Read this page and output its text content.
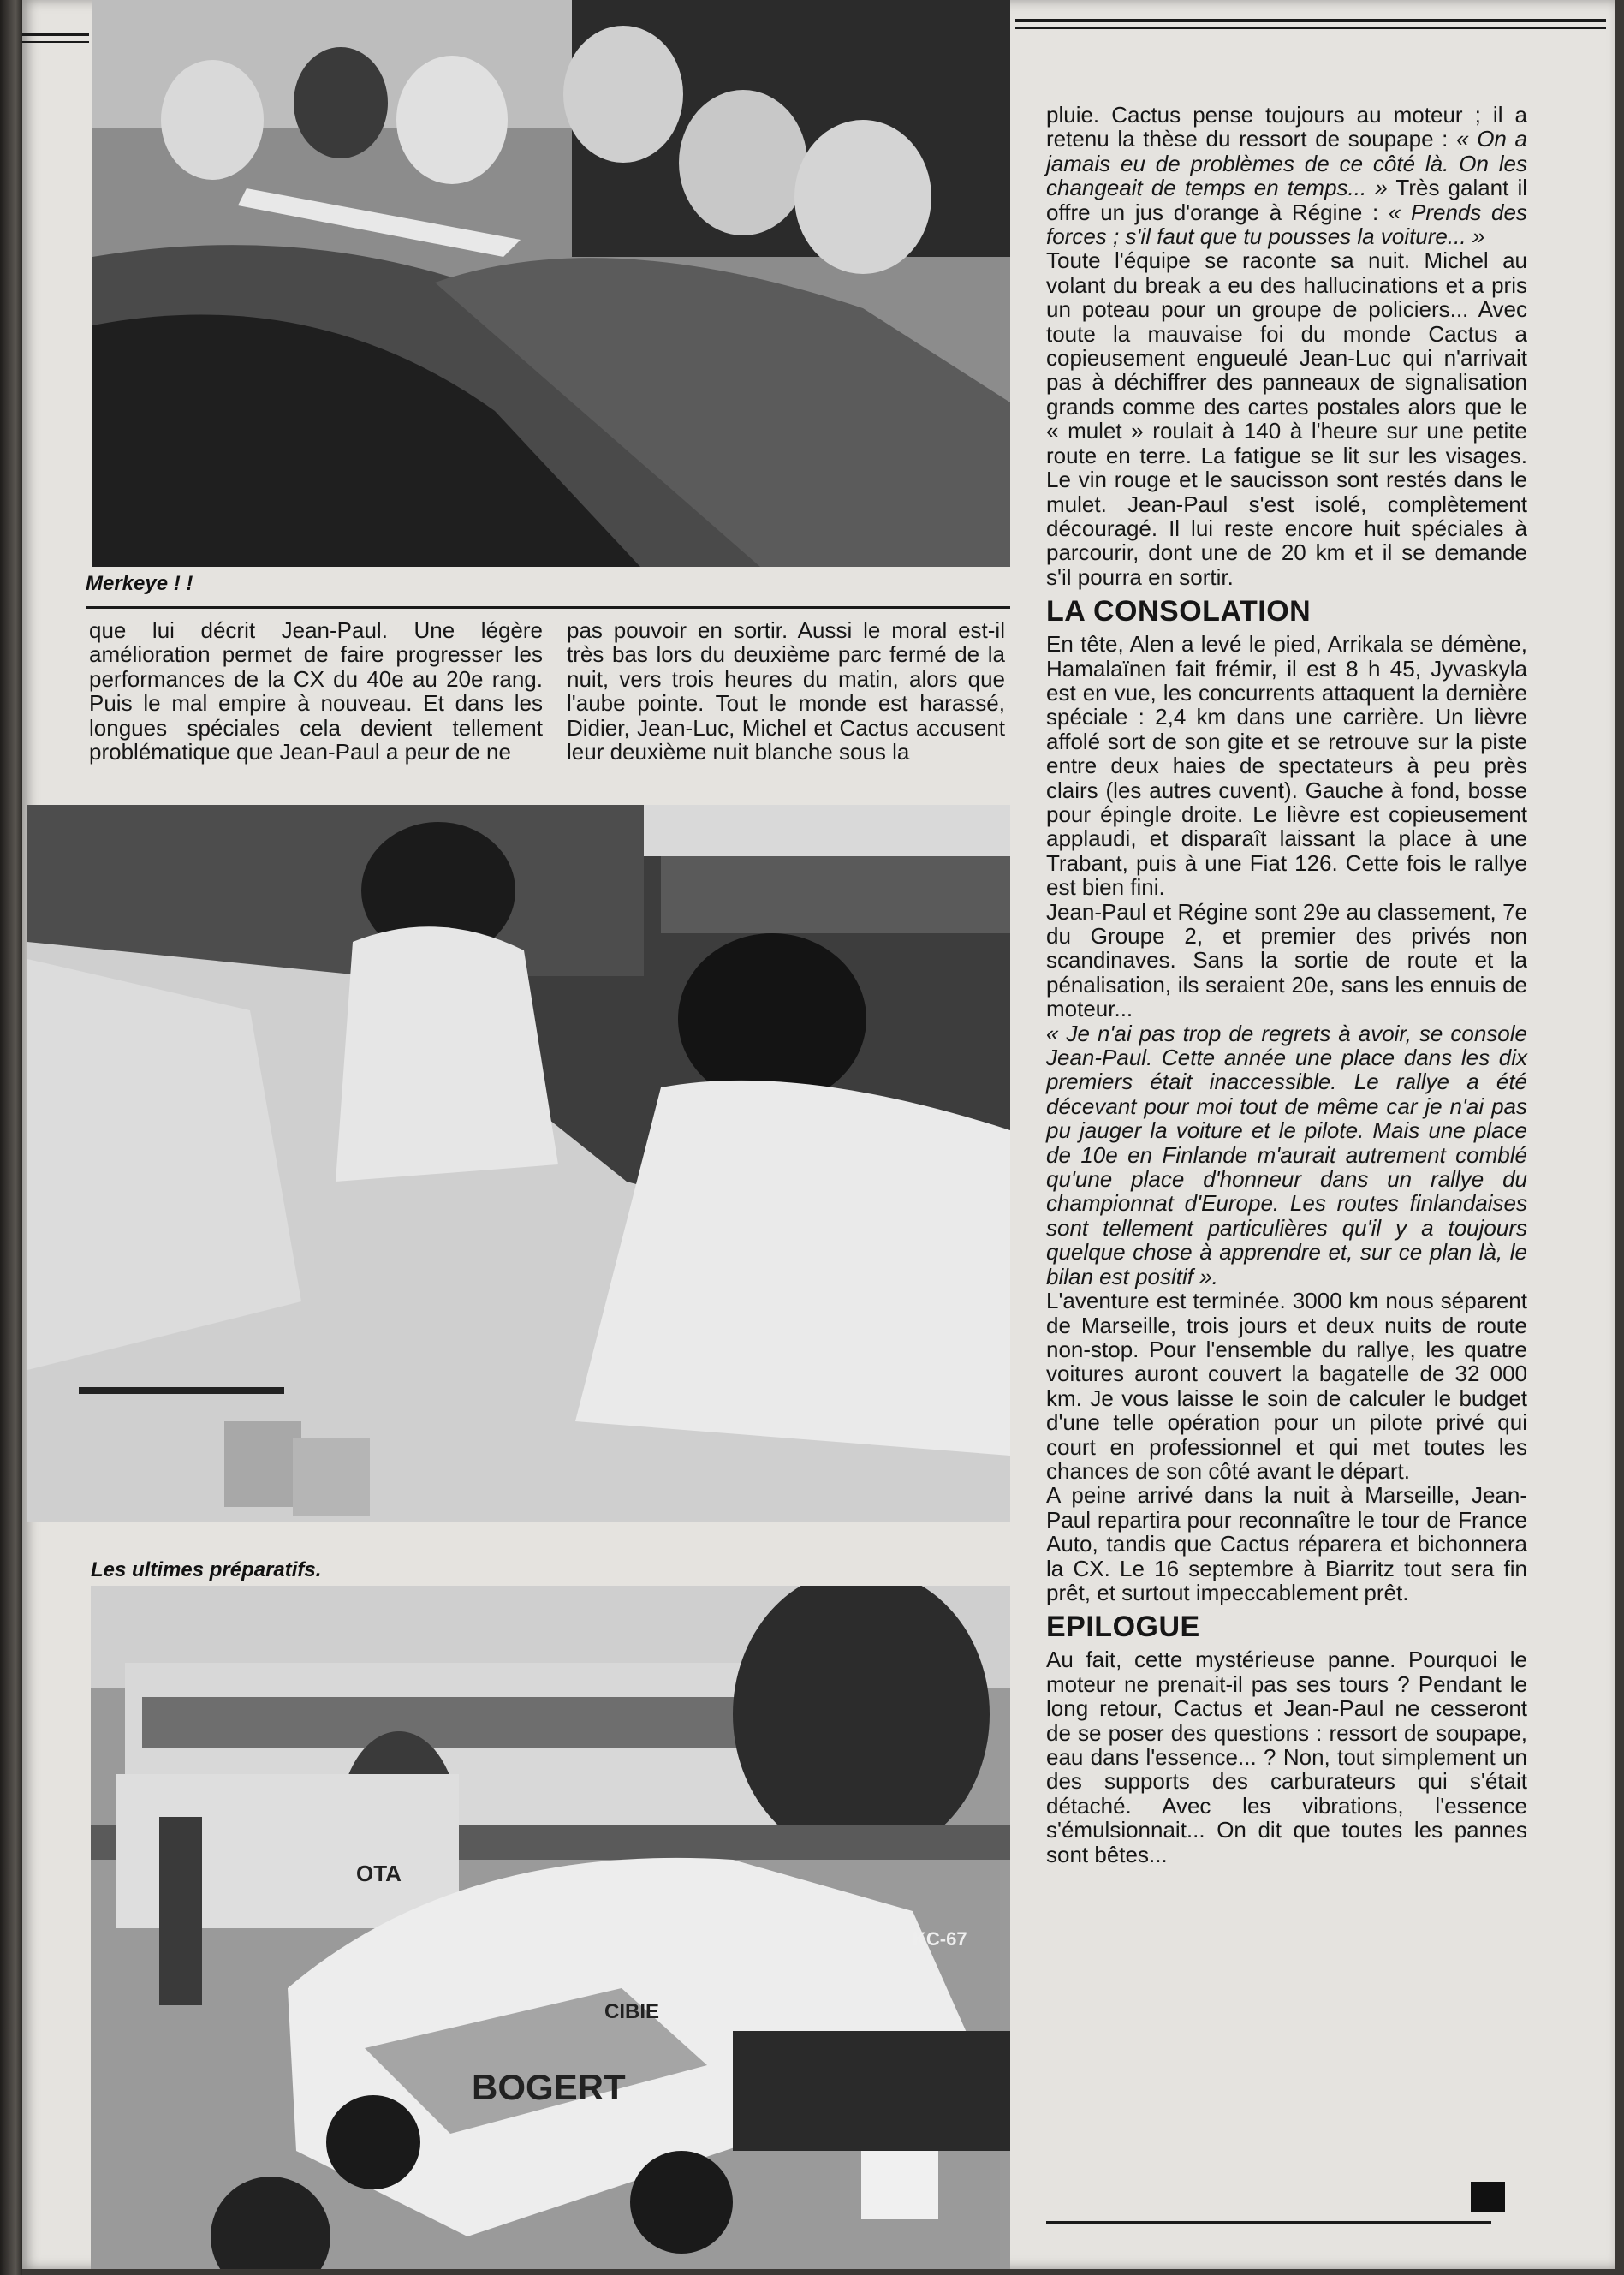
Merkeye ! !

que lui décrit Jean-Paul. Une légère amélioration permet de faire progresser les performances de la CX du 40e au 20e rang. Puis le mal empire à nouveau. Et dans les longues spéciales cela devient tellement problématique que Jean-Paul a peur de ne

pas pouvoir en sortir. Aussi le moral est-il très bas lors du deuxième parc fermé de la nuit, vers trois heures du matin, alors que l'aube pointe. Tout le monde est harassé, Didier, Jean-Luc, Michel et Cactus accusent leur deuxième nuit blanche sous la

Les ultimes préparatifs.
BOGERT
CIBIE
KC-67
OTA

pluie. Cactus pense toujours au moteur ; il a retenu la thèse du ressort de soupape : « On a jamais eu de problèmes de ce côté là. On les changeait de temps en temps... » Très galant il offre un jus d'orange à Régine : « Prends des forces ; s'il faut que tu pousses la voiture... »

Toute l'équipe se raconte sa nuit. Michel au volant du break a eu des hallucinations et a pris un poteau pour un groupe de policiers... Avec toute la mauvaise foi du monde Cactus a copieusement engueulé Jean-Luc qui n'arrivait pas à déchiffrer des panneaux de signalisation grands comme des cartes postales alors que le « mulet » roulait à 140 à l'heure sur une petite route en terre. La fatigue se lit sur les visages. Le vin rouge et le saucisson sont restés dans le mulet. Jean-Paul s'est isolé, complètement découragé. Il lui reste encore huit spéciales à parcourir, dont une de 20 km et il se demande s'il pourra en sortir.

LA CONSOLATION

En tête, Alen a levé le pied, Arrikala se démène, Hamalaïnen fait frémir, il est 8 h 45, Jyvaskyla est en vue, les concurrents attaquent la dernière spéciale : 2,4 km dans une carrière. Un lièvre affolé sort de son gite et se retrouve sur la piste entre deux haies de spectateurs à peu près clairs (les autres cuvent). Gauche à fond, bosse pour épingle droite. Le lièvre est copieusement applaudi, et disparaît laissant la place à une Trabant, puis à une Fiat 126. Cette fois le rallye est bien fini.

Jean-Paul et Régine sont 29e au classement, 7e du Groupe 2, et premier des privés non scandinaves. Sans la sortie de route et la pénalisation, ils seraient 20e, sans les ennuis de moteur...

« Je n'ai pas trop de regrets à avoir, se console Jean-Paul. Cette année une place dans les dix premiers était inaccessible. Le rallye a été décevant pour moi tout de même car je n'ai pas pu jauger la voiture et le pilote. Mais une place de 10e en Finlande m'aurait autrement comblé qu'une place d'honneur dans un rallye du championnat d'Europe. Les routes finlandaises sont tellement particulières qu'il y a toujours quelque chose à apprendre et, sur ce plan là, le bilan est positif ».

L'aventure est terminée. 3000 km nous séparent de Marseille, trois jours et deux nuits de route non-stop. Pour l'ensemble du rallye, les quatre voitures auront couvert la bagatelle de 32 000 km. Je vous laisse le soin de calculer le budget d'une telle opération pour un pilote privé qui court en professionnel et qui met toutes les chances de son côté avant le départ.

A peine arrivé dans la nuit à Marseille, Jean-Paul repartira pour reconnaître le tour de France Auto, tandis que Cactus réparera et bichonnera la CX. Le 16 septembre à Biarritz tout sera fin prêt, et surtout impeccablement prêt.

EPILOGUE

Au fait, cette mystérieuse panne. Pourquoi le moteur ne prenait-il pas ses tours ? Pendant le long retour, Cactus et Jean-Paul ne cesseront de se poser des questions : ressort de soupape, eau dans l'essence... ? Non, tout simplement un des supports des carburateurs qui s'était détaché. Avec les vibrations, l'essence s'émulsionnait... On dit que toutes les pannes sont bêtes...
